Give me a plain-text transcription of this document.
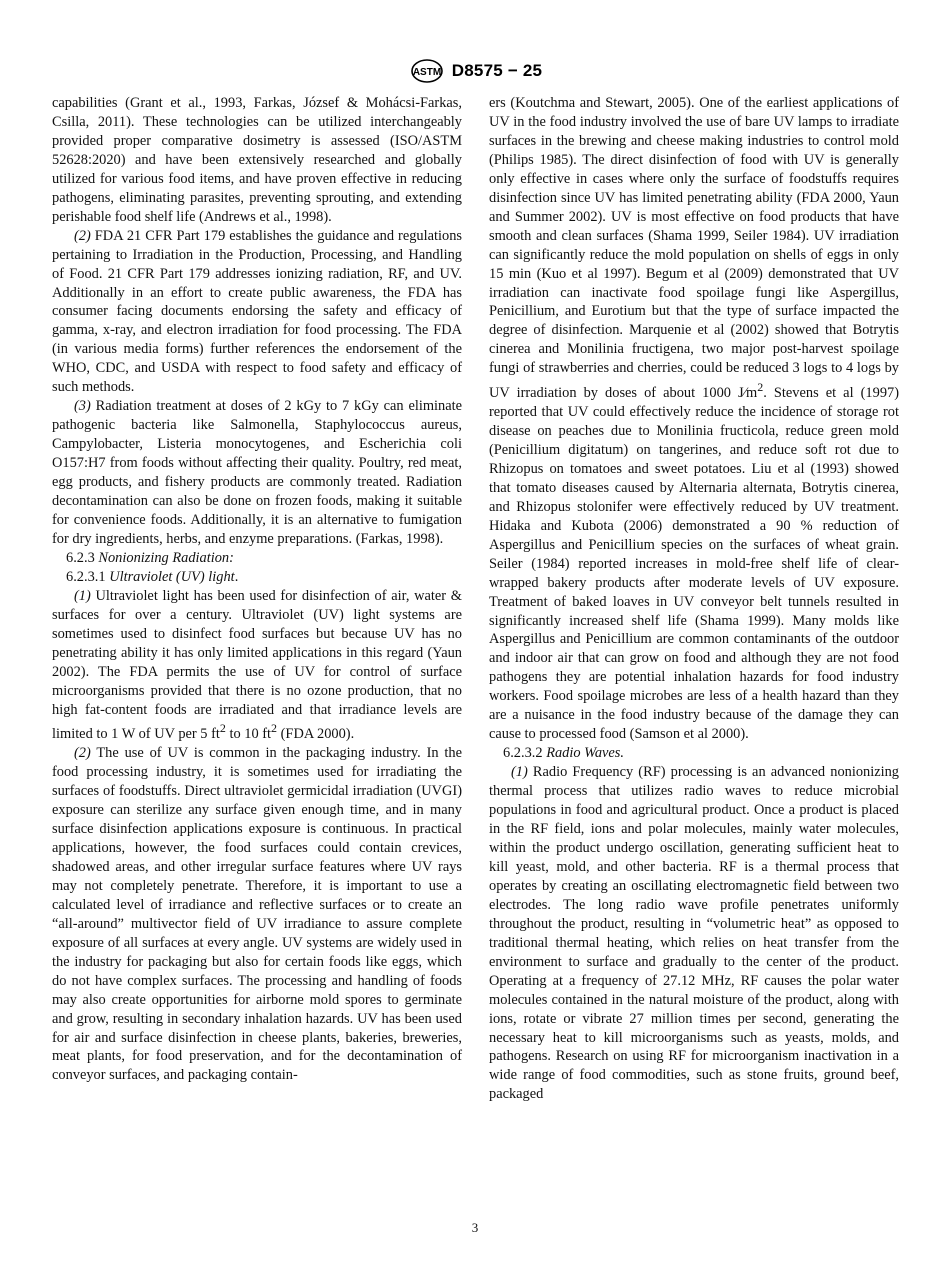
ASTM D8575 − 25

capabilities (Grant et al., 1993, Farkas, József & Mohácsi-Farkas, Csilla, 2011). These technologies can be utilized interchangeably provided proper comparative dosimetry is assessed (ISO/ASTM 52628:2020) and have been extensively researched and globally utilized for various food items, and have proven effective in reducing pathogens, eliminating parasites, preventing sprouting, and extending perishable food shelf life (Andrews et al., 1998).

(2) FDA 21 CFR Part 179 establishes the guidance and regulations pertaining to Irradiation in the Production, Processing, and Handling of Food. 21 CFR Part 179 addresses ionizing radiation, RF, and UV. Additionally in an effort to create public awareness, the FDA has consumer facing documents endorsing the safety and efficacy of gamma, x-ray, and electron irradiation for food processing. The FDA (in various media forms) further references the endorsement of the WHO, CDC, and USDA with respect to food safety and efficacy of such methods.

(3) Radiation treatment at doses of 2 kGy to 7 kGy can eliminate pathogenic bacteria like Salmonella, Staphylococcus aureus, Campylobacter, Listeria monocytogenes, and Escherichia coli O157:H7 from foods without affecting their quality. Poultry, red meat, egg products, and fishery products are commonly treated. Radiation decontamination can also be done on frozen foods, making it suitable for convenience foods. Additionally, it is an alternative to fumigation for dry ingredients, herbs, and enzyme preparations. (Farkas, 1998).

6.2.3 Nonionizing Radiation:

6.2.3.1 Ultraviolet (UV) light.

(1) Ultraviolet light has been used for disinfection of air, water & surfaces for over a century. Ultraviolet (UV) light systems are sometimes used to disinfect food surfaces but because UV has no penetrating ability it has only limited applications in this regard (Yaun 2002). The FDA permits the use of UV for control of surface microorganisms provided that there is no ozone production, that no high fat-content foods are irradiated and that irradiance levels are limited to 1 W of UV per 5 $ft^2$ to 10 $ft^2$ (FDA 2000).

(2) The use of UV is common in the packaging industry. In the food processing industry, it is sometimes used for irradiating the surfaces of foodstuffs. Direct ultraviolet germicidal irradiation (UVGI) exposure can sterilize any surface given enough time, and in many surface disinfection applications exposure is continuous. In practical applications, however, the food surfaces could contain crevices, shadowed areas, and other irregular surface features where UV rays may not completely penetrate. Therefore, it is important to use a calculated level of irradiance and reflective surfaces or to create an “all-around” multivector field of UV irradiance to assure complete exposure of all surfaces at every angle. UV systems are widely used in the industry for packaging but also for certain foods like eggs, which do not have complex surfaces. The processing and handling of foods may also create opportunities for airborne mold spores to germinate and grow, resulting in secondary inhalation hazards. UV has been used for air and surface disinfection in cheese plants, bakeries, breweries, meat plants, for food preservation, and for the decontamination of conveyor surfaces, and packaging contain-

ers (Koutchma and Stewart, 2005). One of the earliest applications of UV in the food industry involved the use of bare UV lamps to irradiate surfaces in the brewing and cheese making industries to control mold (Philips 1985). The direct disinfection of food with UV is generally only effective in cases where only the surface of foodstuffs requires disinfection since UV has limited penetrating ability (FDA 2000, Yaun and Summer 2002). UV is most effective on food products that have smooth and clean surfaces (Shama 1999, Seiler 1984). UV irradiation can significantly reduce the mold population on shells of eggs in only 15 min (Kuo et al 1997). Begum et al (2009) demonstrated that UV irradiation can inactivate food spoilage fungi like Aspergillus, Penicillium, and Eurotium but that the type of surface impacted the degree of disinfection. Marquenie et al (2002) showed that Botrytis cinerea and Monilinia fructigena, two major post-harvest spoilage fungi of strawberries and cherries, could be reduced 3 logs to 4 logs by UV irradiation by doses of about 1000 $J⁄m^2$. Stevens et al (1997) reported that UV could effectively reduce the incidence of storage rot disease on peaches due to Monilinia fructicola, reduce green mold (Penicillium digitatum) on tangerines, and reduce soft rot due to Rhizopus on tomatoes and sweet potatoes. Liu et al (1993) showed that tomato diseases caused by Alternaria alternata, Botrytis cinerea, and Rhizopus stolonifer were effectively reduced by UV treatment. Hidaka and Kubota (2006) demonstrated a 90 % reduction of Aspergillus and Penicillium species on the surfaces of wheat grain. Seiler (1984) reported increases in mold-free shelf life of clear-wrapped bakery products after moderate levels of UV exposure. Treatment of baked loaves in UV conveyor belt tunnels resulted in significantly increased shelf life (Shama 1999). Many molds like Aspergillus and Penicillium are common contaminants of the outdoor and indoor air that can grow on food and although they are not food pathogens they are potential inhalation hazards for food industry workers. Food spoilage microbes are less of a health hazard than they are a nuisance in the food industry because of the damage they can cause to processed food (Samson et al 2000).

6.2.3.2 Radio Waves.

(1) Radio Frequency (RF) processing is an advanced nonionizing thermal process that utilizes radio waves to reduce microbial populations in food and agricultural product. Once a product is placed in the RF field, ions and polar molecules, mainly water molecules, within the product undergo oscillation, generating sufficient heat to kill yeast, mold, and other bacteria. RF is a thermal process that operates by creating an oscillating electromagnetic field between two electrodes. The long radio wave profile penetrates uniformly throughout the product, resulting in “volumetric heat” as opposed to traditional thermal heating, which relies on heat transfer from the environment to surface and gradually to the center of the product. Operating at a frequency of 27.12 MHz, RF causes the polar water molecules contained in the natural moisture of the product, along with ions, rotate or vibrate 27 million times per second, generating the necessary heat to kill microorganisms such as yeasts, molds, and pathogens. Research on using RF for microorganism inactivation in a wide range of food commodities, such as stone fruits, ground beef, packaged

3
